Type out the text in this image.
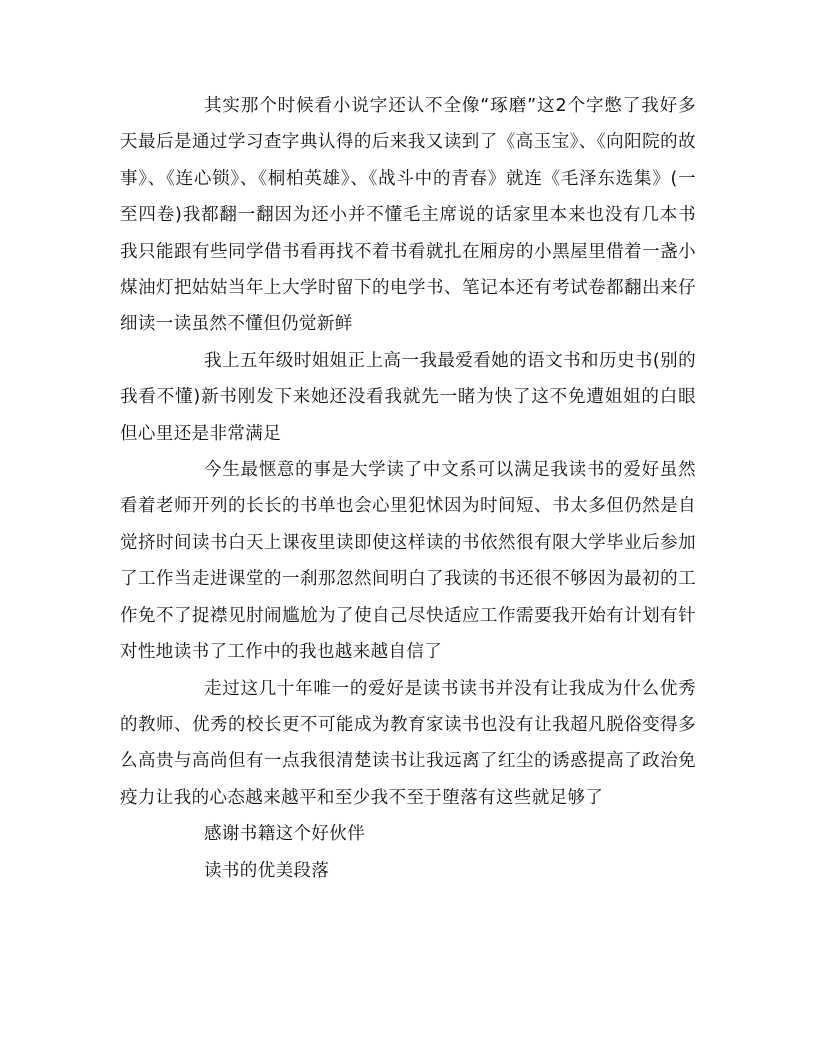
其实那个时候看小说字还认不全像“琢磨”这2个字憋了我好多天最后是通过学习查字典认得的后来我又读到了《高玉宝》、《向阳院的故事》、《连心锁》、《桐柏英雄》、《战斗中的青春》就连《毛泽东选集》(一至四卷)我都翻一翻因为还小并不懂毛主席说的话家里本来也没有几本书我只能跟有些同学借书看再找不着书看就扎在厢房的小黑屋里借着一盏小煤油灯把姑姑当年上大学时留下的电学书、笔记本还有考试卷都翻出来仔细读一读虽然不懂但仍觉新鲜

我上五年级时姐姐正上高一我最爱看她的语文书和历史书(别的我看不懂)新书刚发下来她还没看我就先一睹为快了这不免遭姐姐的白眼但心里还是非常满足

今生最惬意的事是大学读了中文系可以满足我读书的爱好虽然看着老师开列的长长的书单也会心里犯怵因为时间短、书太多但仍然是自觉挤时间读书白天上课夜里读即使这样读的书依然很有限大学毕业后参加了工作当走进课堂的一刹那忽然间明白了我读的书还很不够因为最初的工作免不了捉襟见肘闹尴尬为了使自己尽快适应工作需要我开始有计划有针对性地读书了工作中的我也越来越自信了

走过这几十年唯一的爱好是读书读书并没有让我成为什么优秀的教师、优秀的校长更不可能成为教育家读书也没有让我超凡脱俗变得多么高贵与高尚但有一点我很清楚读书让我远离了红尘的诱惑提高了政治免疫力让我的心态越来越平和至少我不至于堕落有这些就足够了

感谢书籍这个好伙伴

读书的优美段落
